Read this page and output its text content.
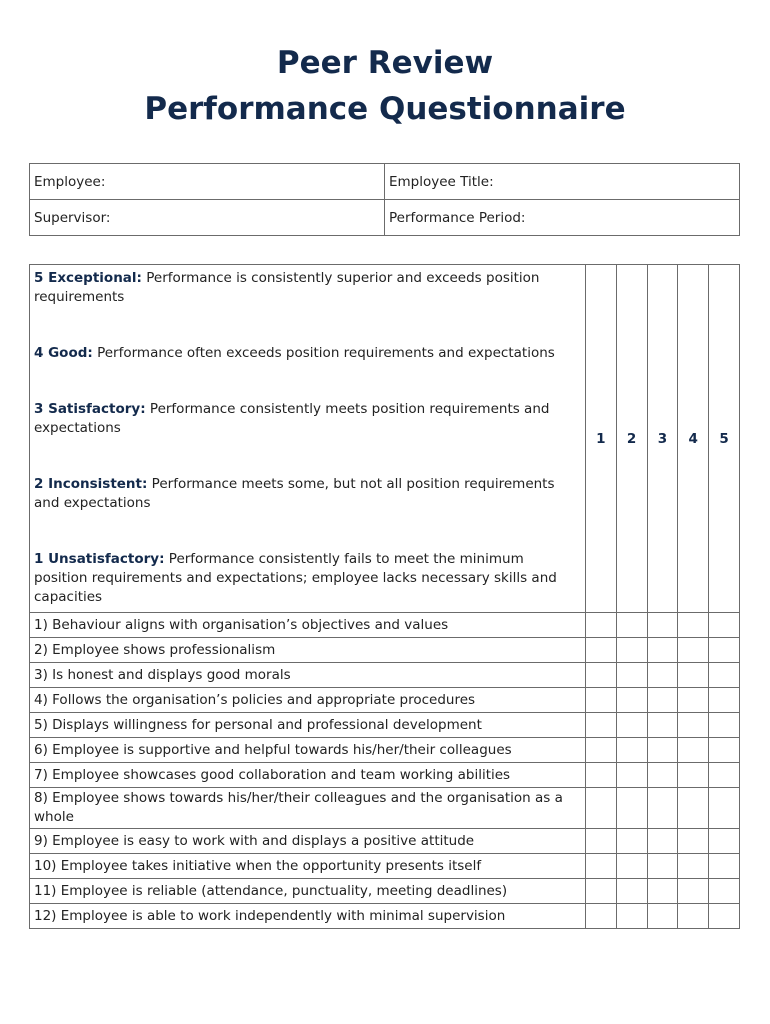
Peer Review
Performance Questionnaire
Employee:	Employee Title:
Supervisor:	Performance Period:
5 Exceptional: Performance is consistently superior and exceeds position requirements
4 Good: Performance often exceeds position requirements and expectations
3 Satisfactory: Performance consistently meets position requirements and expectations
2 Inconsistent: Performance meets some, but not all position requirements and expectations
1 Unsatisfactory: Performance consistently fails to meet the minimum position requirements and expectations; employee lacks necessary skills and capacities	1	2	3	4	5
1) Behaviour aligns with organisation’s objectives and values					
2) Employee shows professionalism					
3) Is honest and displays good morals					
4) Follows the organisation’s policies and appropriate procedures					
5) Displays willingness for personal and professional development					
6) Employee is supportive and helpful towards his/her/their colleagues					
7) Employee showcases good collaboration and team working abilities					
8) Employee shows towards his/her/their colleagues and the organisation as a whole					
9) Employee is easy to work with and displays a positive attitude					
10) Employee takes initiative when the opportunity presents itself					
11) Employee is reliable (attendance, punctuality, meeting deadlines)					
12) Employee is able to work independently with minimal supervision					
